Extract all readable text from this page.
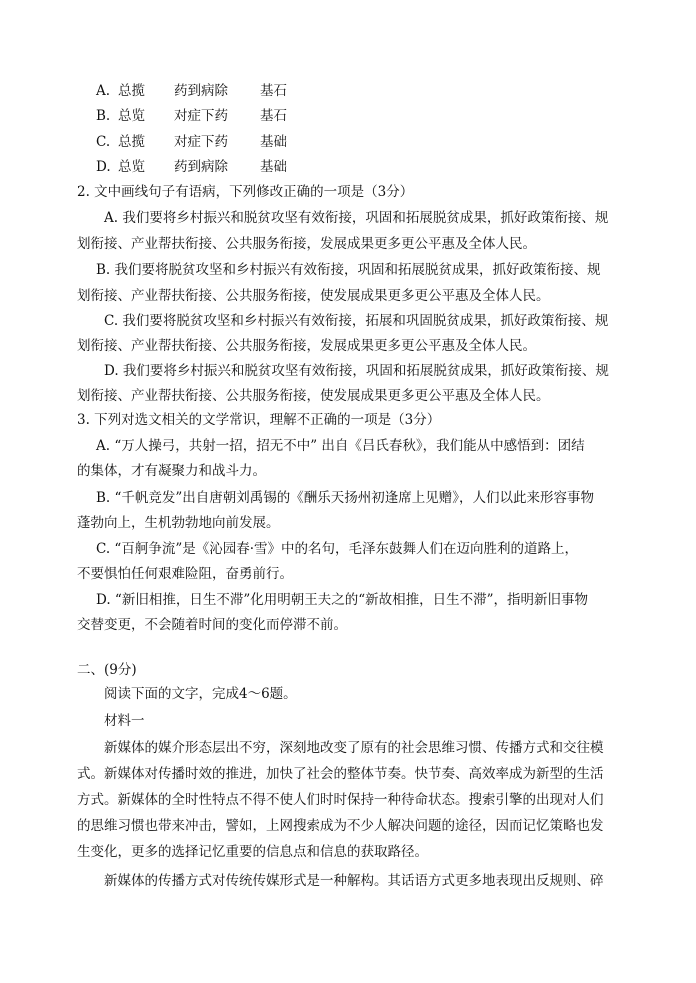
A. 总揽 药到病除 基石
B. 总览 对症下药 基石
C. 总揽 对症下药 基础
D. 总览 药到病除 基础
2. 文中画线句子有语病，下列修改正确的一项是（3分）
A. 我们要将乡村振兴和脱贫攻坚有效衔接，巩固和拓展脱贫成果，抓好政策衔接、规
划衔接、产业帮扶衔接、公共服务衔接，发展成果更多更公平惠及全体人民。
B. 我们要将脱贫攻坚和乡村振兴有效衔接，巩固和拓展脱贫成果，抓好政策衔接、规
划衔接、产业帮扶衔接、公共服务衔接，使发展成果更多更公平惠及全体人民。
C. 我们要将脱贫攻坚和乡村振兴有效衔接，拓展和巩固脱贫成果，抓好政策衔接、规
划衔接、产业帮扶衔接、公共服务衔接，发展成果更多更公平惠及全体人民。
D. 我们要将乡村振兴和脱贫攻坚有效衔接，巩固和拓展脱贫成果，抓好政策衔接、规
划衔接、产业帮扶衔接、公共服务衔接，使发展成果更多更公平惠及全体人民。
3. 下列对选文相关的文学常识，理解不正确的一项是（3分）
A. “万人操弓，共射一招，招无不中” 出自《吕氏春秋》，我们能从中感悟到：团结
的集体，才有凝聚力和战斗力。
B. “千帆竞发”出自唐朝刘禹锡的《酬乐天扬州初逢席上见赠》，人们以此来形容事物
蓬勃向上，生机勃勃地向前发展。
C. “百舸争流”是《沁园春·雪》中的名句，毛泽东鼓舞人们在迈向胜利的道路上，
不要惧怕任何艰难险阻，奋勇前行。
D. “新旧相推，日生不滞”化用明朝王夫之的“新故相推，日生不滞”，指明新旧事物
交替变更，不会随着时间的变化而停滞不前。
二、(9分)
阅读下面的文字，完成4～6题。
材料一
新媒体的媒介形态层出不穷，深刻地改变了原有的社会思维习惯、传播方式和交往模
式。新媒体对传播时效的推进，加快了社会的整体节奏。快节奏、高效率成为新型的生活
方式。新媒体的全时性特点不得不使人们时时保持一种待命状态。搜索引擎的出现对人们
的思维习惯也带来冲击，譬如，上网搜索成为不少人解决问题的途径，因而记忆策略也发
生变化，更多的选择记忆重要的信息点和信息的获取路径。
新媒体的传播方式对传统传媒形式是一种解构。其话语方式更多地表现出反规则、碎
